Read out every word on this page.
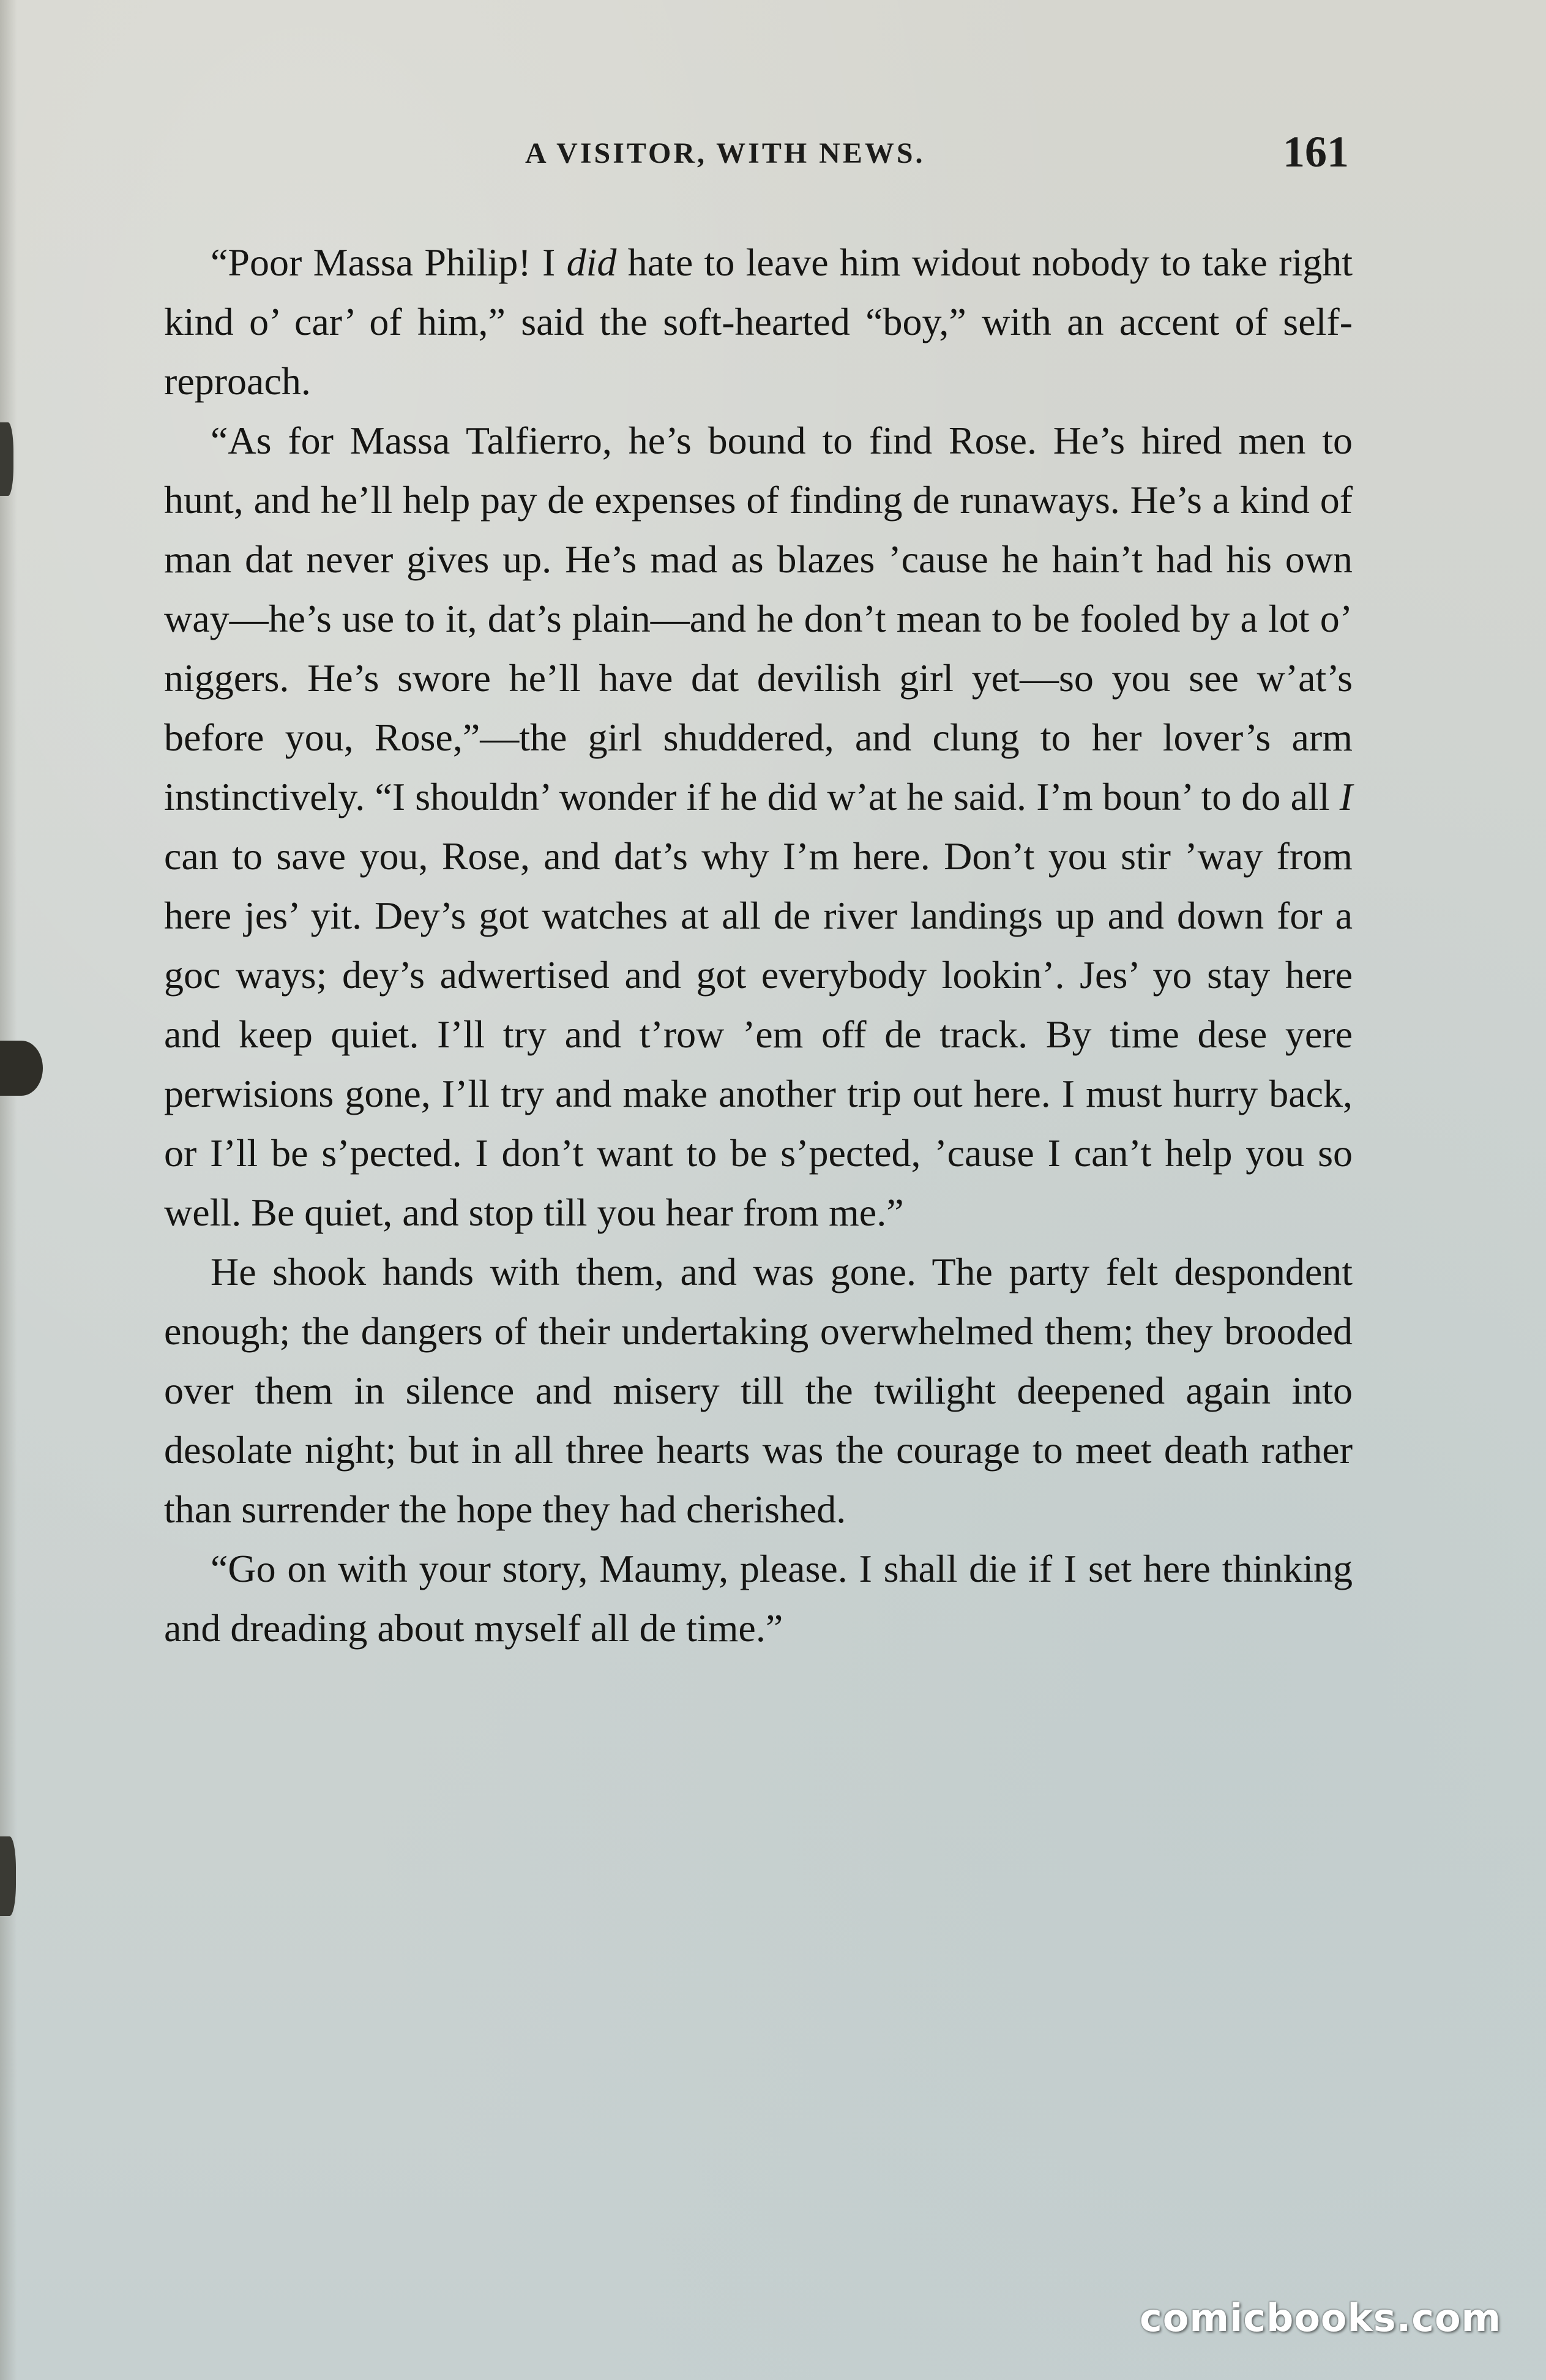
A VISITOR, WITH NEWS.	161

“Poor Massa Philip! I did hate to leave him widout nobody to take right kind o’ car’ of him,” said the soft-hearted “boy,” with an accent of self-reproach.

“As for Massa Talfierro, he’s bound to find Rose. He’s hired men to hunt, and he’ll help pay de expenses of finding de runaways. He’s a kind of man dat never gives up. He’s mad as blazes ’cause he hain’t had his own way—he’s use to it, dat’s plain—and he don’t mean to be fooled by a lot o’ niggers. He’s swore he’ll have dat devilish girl yet—so you see w’at’s before you, Rose,”—the girl shuddered, and clung to her lover’s arm instinctively. “I shouldn’ wonder if he did w’at he said. I’m boun’ to do all I can to save you, Rose, and dat’s why I’m here. Don’t you stir ’way from here jes’ yit. Dey’s got watches at all de river landings up and down for a goc ways; dey’s adwertised and got everybody lookin’. Jes’ yo stay here and keep quiet. I’ll try and t’row ’em off de track. By time dese yere perwisions gone, I’ll try and make another trip out here. I must hurry back, or I’ll be s’pected. I don’t want to be s’pected, ’cause I can’t help you so well. Be quiet, and stop till you hear from me.”

He shook hands with them, and was gone. The party felt despondent enough; the dangers of their undertaking overwhelmed them; they brooded over them in silence and misery till the twilight deepened again into desolate night; but in all three hearts was the courage to meet death rather than surrender the hope they had cherished.

“Go on with your story, Maumy, please. I shall die if I set here thinking and dreading about myself all de time.”

comicbooks.com
